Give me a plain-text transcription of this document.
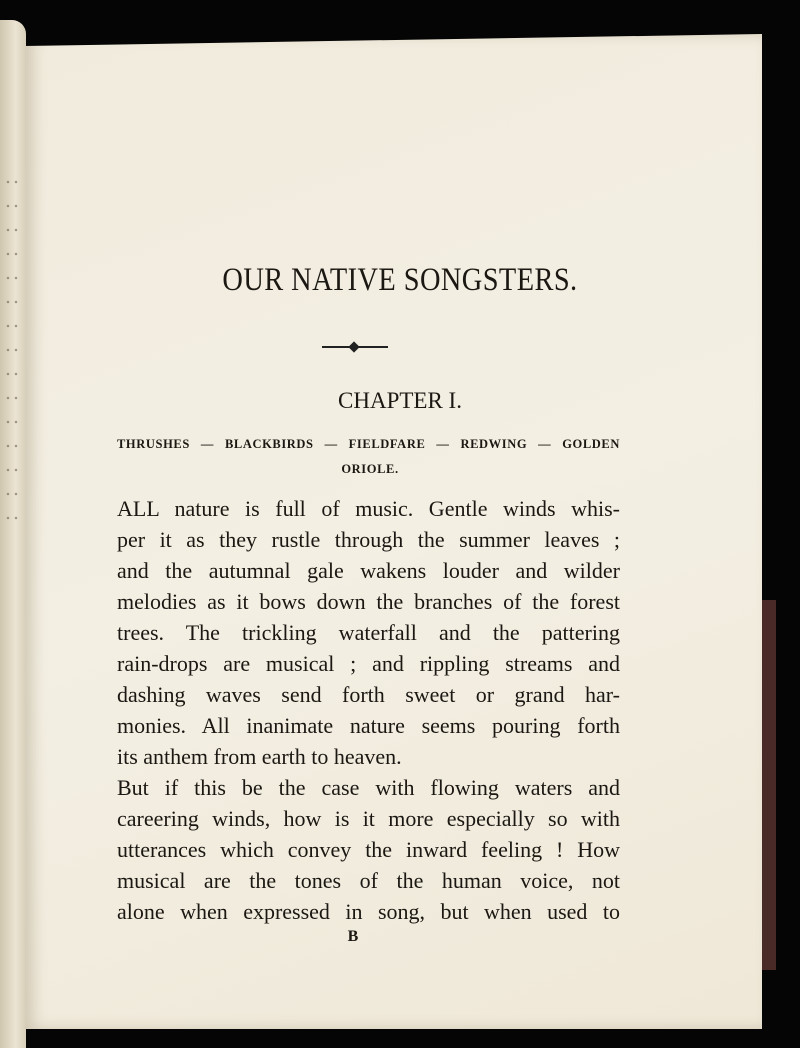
OUR NATIVE SONGSTERS.
CHAPTER I.
THRUSHES — BLACKBIRDS — FIELDFARE — REDWING — GOLDEN
ORIOLE.
ALL nature is full of music. Gentle winds whis-
per it as they rustle through the summer leaves ;
and the autumnal gale wakens louder and wilder
melodies as it bows down the branches of the forest
trees. The trickling waterfall and the pattering
rain-drops are musical ; and rippling streams and
dashing waves send forth sweet or grand har-
monies. All inanimate nature seems pouring forth
its anthem from earth to heaven.
But if this be the case with flowing waters and
careering winds, how is it more especially so with
utterances which convey the inward feeling ! How
musical are the tones of the human voice, not
alone when expressed in song, but when used to
B
